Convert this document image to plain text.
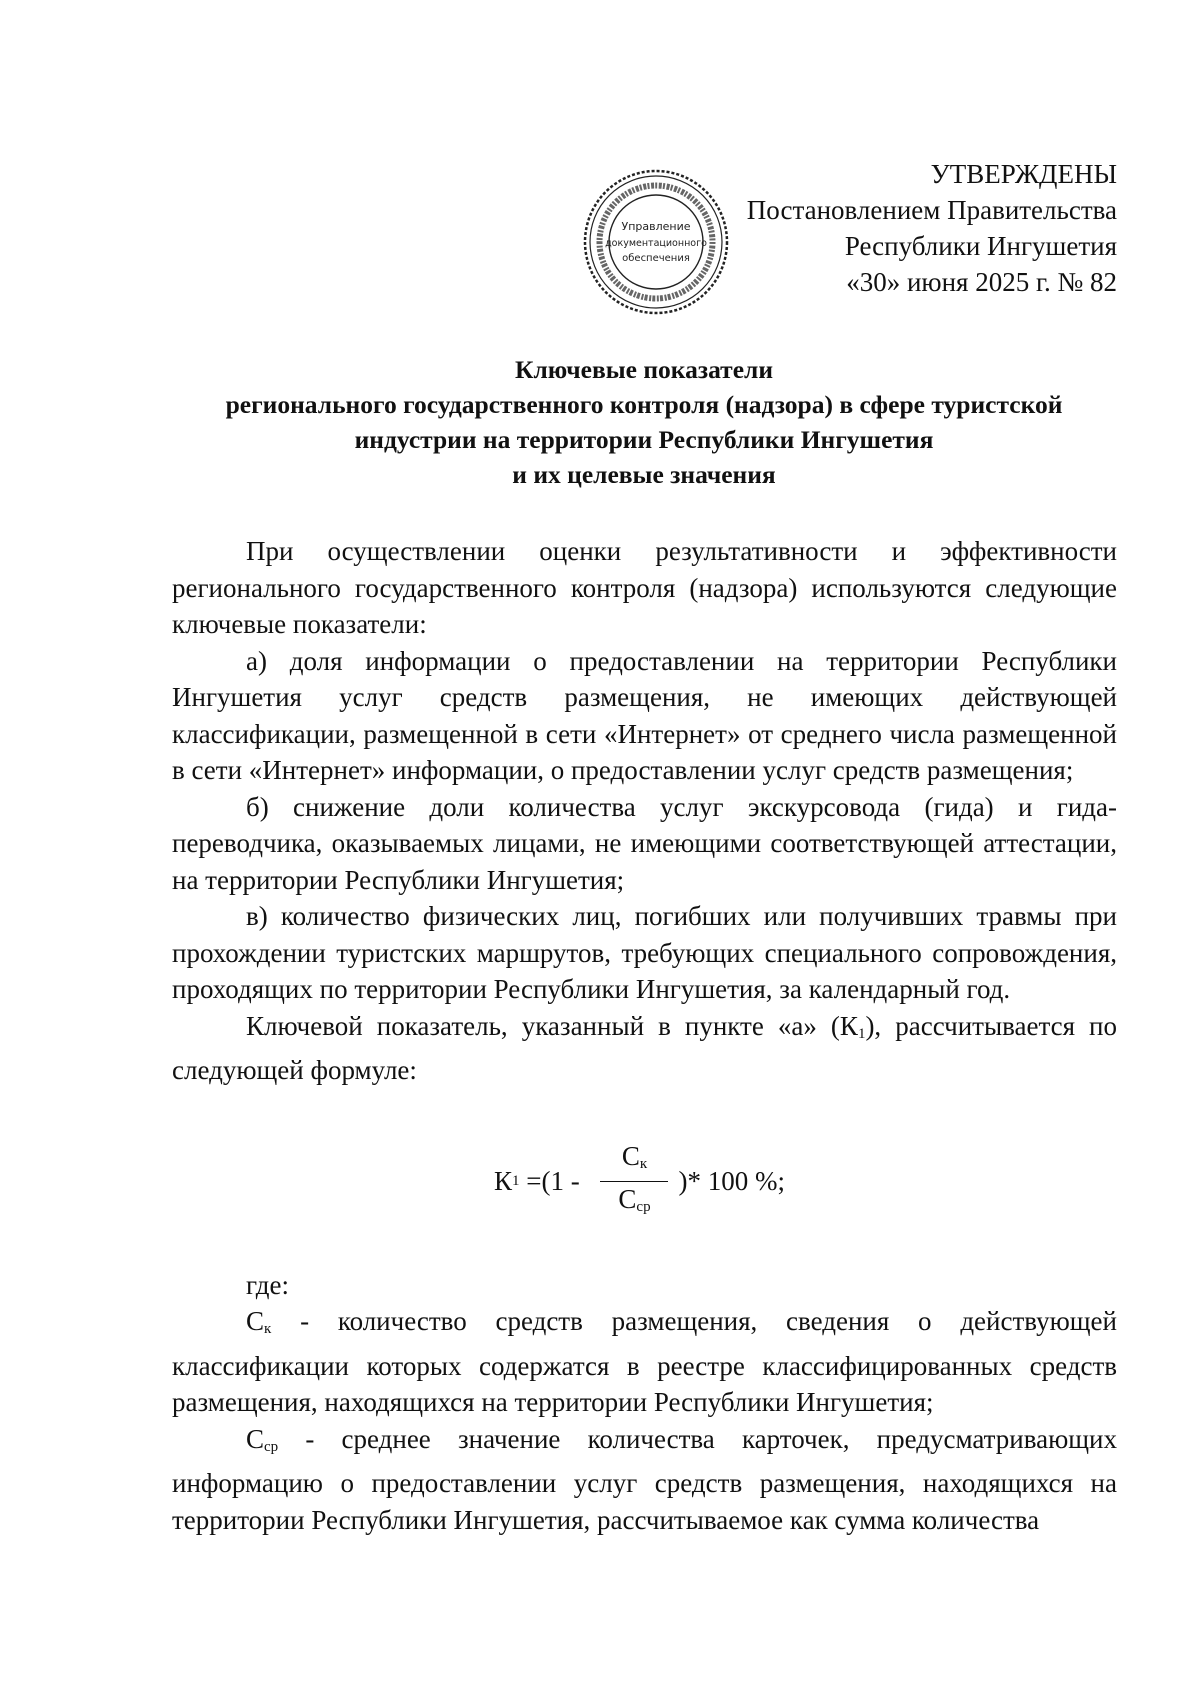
Управление
документационного
обеспечения
УТВЕРЖДЕНЫ
Постановлением Правительства
Республики Ингушетия
«30» июня 2025 г. № 82
Ключевые показатели
регионального государственного контроля (надзора) в сфере туристской
индустрии на территории Республики Ингушетия
и их целевые значения

При осуществлении оценки результативности и эффективности регионального государственного контроля (надзора) используются следующие ключевые показатели:

а) доля информации о предоставлении на территории Республики Ингушетия услуг средств размещения, не имеющих действующей классификации, размещенной в сети «Интернет» от среднего числа размещенной в сети «Интернет» информации, о предоставлении услуг средств размещения;

б) снижение доли количества услуг экскурсовода (гида) и гида-переводчика, оказываемых лицами, не имеющими соответствующей аттестации, на территории Республики Ингушетия;

в) количество физических лиц, погибших или получивших травмы при прохождении туристских маршрутов, требующих специального сопровождения, проходящих по территории Республики Ингушетия, за календарный год.

Ключевой показатель, указанный в пункте «а» $(К_1)$, рассчитывается по следующей формуле:

К $1 =(1 - \frac{С_к}{С_{ср}}$ )* 100 %;

где:

$С_к$ - количество средств размещения, сведения о действующей классификации которых содержатся в реестре классифицированных средств размещения, находящихся на территории Республики Ингушетия;

$С_{ср}$ - среднее значение количества карточек, предусматривающих информацию о предоставлении услуг средств размещения, находящихся на территории Республики Ингушетия, рассчитываемое как сумма количества
